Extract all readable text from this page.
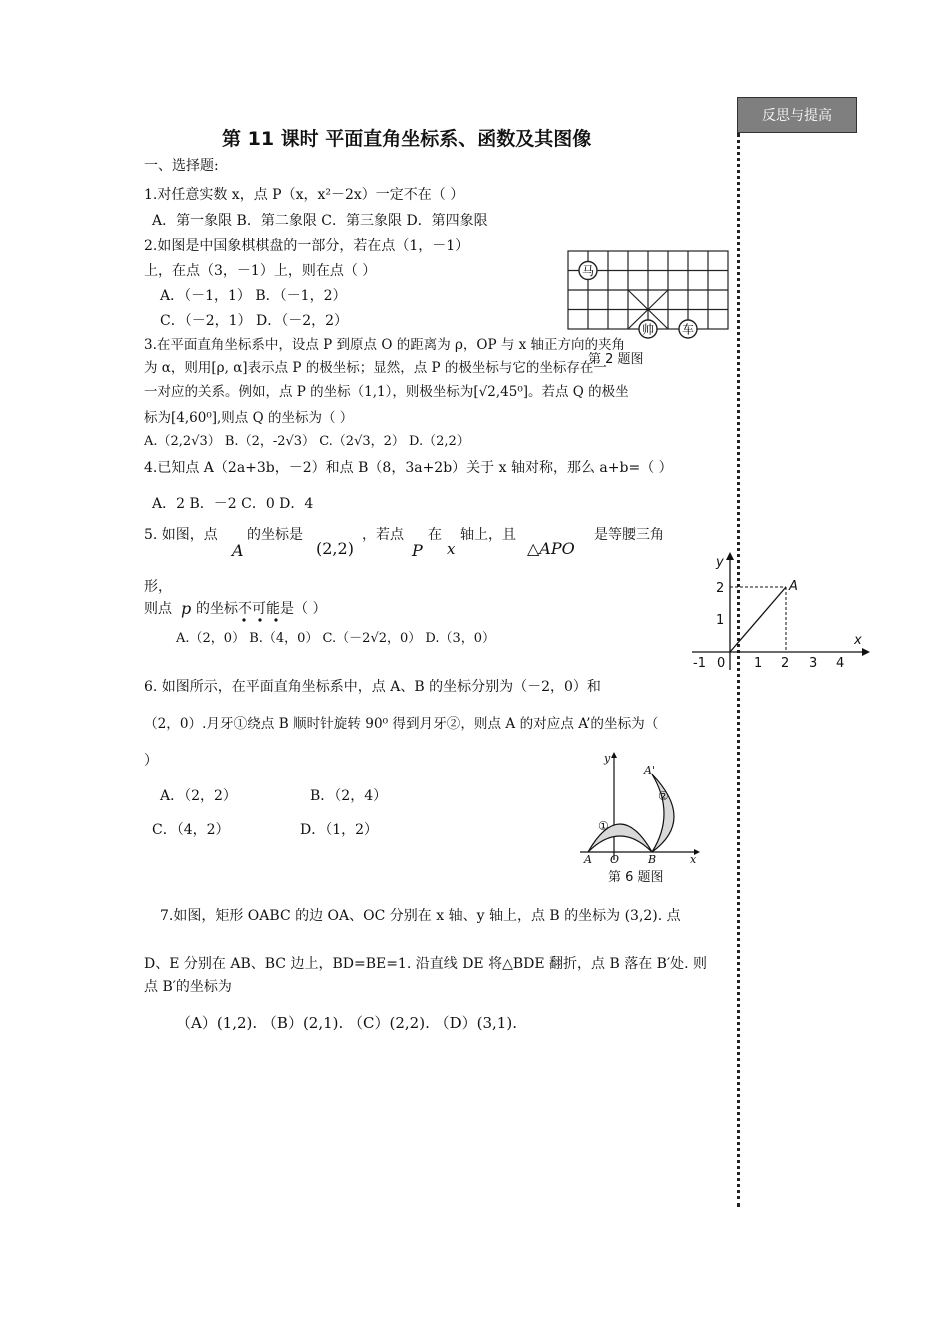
反思与提高
第 11 课时 平面直角坐标系、函数及其图像
一、选择题:
1.对任意实数 x，点 P（x，x²－2x）一定不在（ ）
A．第一象限 B．第二象限 C．第三象限 D．第四象限
2.如图是中国象棋棋盘的一部分，若在点（1，－1）
上，在点（3，－1）上，则在点（ ）
A．（－1，1） B．（－1，2）
C．（－2，1） D．（－2，2）
马
帅 车
第 2 题图
3.在平面直角坐标系中，设点 P 到原点 O 的距离为 ρ，OP 与 x 轴正方向的夹角
为 α，则用[ρ, α]表示点 P 的极坐标；显然，点 P 的极坐标与它的坐标存在一
一对应的关系。例如，点 P 的坐标（1,1），则极坐标为[√2,45⁰]。若点 Q 的极坐
标为[4,60⁰],则点 Q 的坐标为（ ）
A.（2,2√3） B.（2，-2√3） C.（2√3，2） D.（2,2）
4.已知点 A（2a+3b，－2）和点 B（8，3a+2b）关于 x 轴对称，那么 a+b=（ ）
A．2 B．－2 C．0 D．4
5. 如图，点
A
的坐标是
(2,2)
，若点
P
在
x
轴上，且
△APO
是等腰三角
形，
则点 p 的坐标不可能是（ ）
A.（2，0） B.（4，0） C.（－2√2，0） D.（3，0）
y
x
A
2
1
-1 0 1 2 3 4
6. 如图所示，在平面直角坐标系中，点 A、B 的坐标分别为（－2，0）和
（2，0）.月牙①绕点 B 顺时针旋转 90⁰ 得到月牙②，则点 A 的对应点 A’的坐标为（
）
A．（2，2）	B．（2，4）
C．（4，2）	D．（1，2）
y
x
A O	B
A'
①
②
第 6 题图
7.如图，矩形 OABC 的边 OA、OC 分别在 x 轴、y 轴上，点 B 的坐标为 (3,2). 点
D、E 分别在 AB、BC 边上，BD=BE=1. 沿直线 DE 将△BDE 翻折，点 B 落在 B′处. 则
点 B′的坐标为
（A）(1,2). （B）(2,1). （C）(2,2). （D）(3,1).
